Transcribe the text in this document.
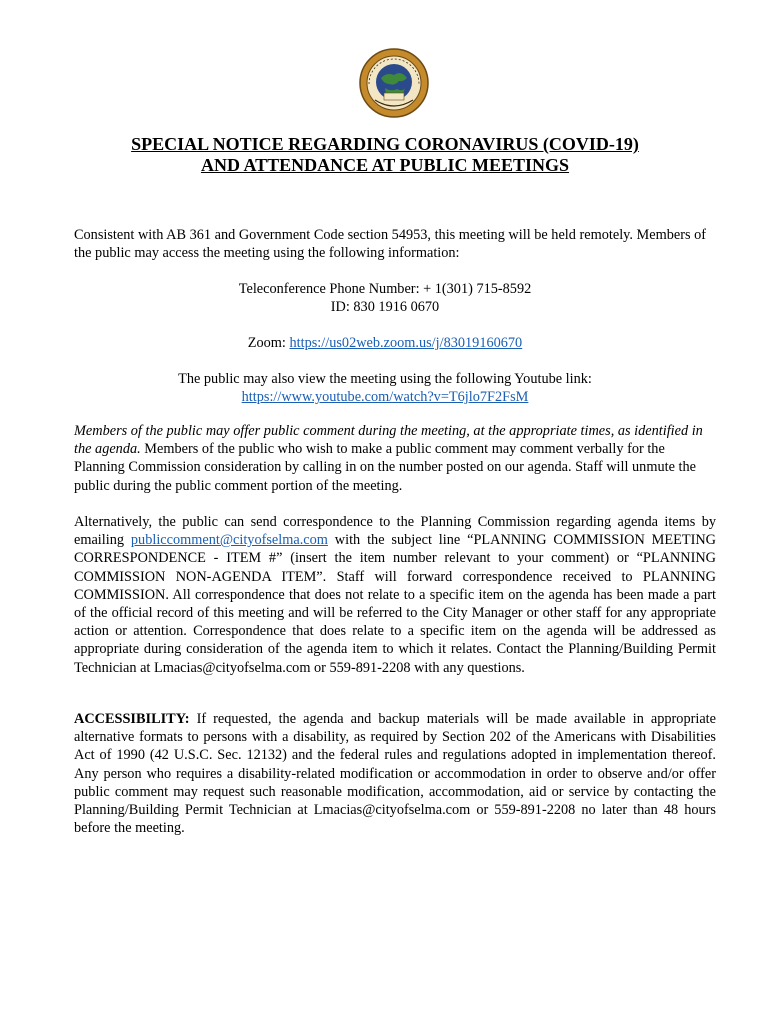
SPECIAL NOTICE REGARDING CORONAVIRUS (COVID-19)
AND ATTENDANCE AT PUBLIC MEETINGS

Consistent with AB 361 and Government Code section 54953, this meeting will be held remotely. Members of the public may access the meeting using the following information:

Teleconference Phone Number: + 1(301) 715-8592
ID: 830 1916 0670
Zoom: https://us02web.zoom.us/j/83019160670
The public may also view the meeting using the following Youtube link:
https://www.youtube.com/watch?v=T6jlo7F2FsM

Members of the public may offer public comment during the meeting, at the appropriate times, as identified in the agenda. Members of the public who wish to make a public comment may comment verbally for the Planning Commission consideration by calling in on the number posted on our agenda. Staff will unmute the public during the public comment portion of the meeting.

Alternatively, the public can send correspondence to the Planning Commission regarding agenda items by emailing publiccomment@cityofselma.com with the subject line “PLANNING COMMISSION MEETING CORRESPONDENCE - ITEM #” (insert the item number relevant to your comment) or “PLANNING COMMISSION NON-AGENDA ITEM”. Staff will forward correspondence received to PLANNING COMMISSION. All correspondence that does not relate to a specific item on the agenda has been made a part of the official record of this meeting and will be referred to the City Manager or other staff for any appropriate action or attention. Correspondence that does relate to a specific item on the agenda will be addressed as appropriate during consideration of the agenda item to which it relates. Contact the Planning/Building Permit Technician at Lmacias@cityofselma.com or 559-891-2208 with any questions.

ACCESSIBILITY: If requested, the agenda and backup materials will be made available in appropriate alternative formats to persons with a disability, as required by Section 202 of the Americans with Disabilities Act of 1990 (42 U.S.C. Sec. 12132) and the federal rules and regulations adopted in implementation thereof. Any person who requires a disability-related modification or accommodation in order to observe and/or offer public comment may request such reasonable modification, accommodation, aid or service by contacting the Planning/Building Permit Technician at Lmacias@cityofselma.com or 559-891-2208 no later than 48 hours before the meeting.
